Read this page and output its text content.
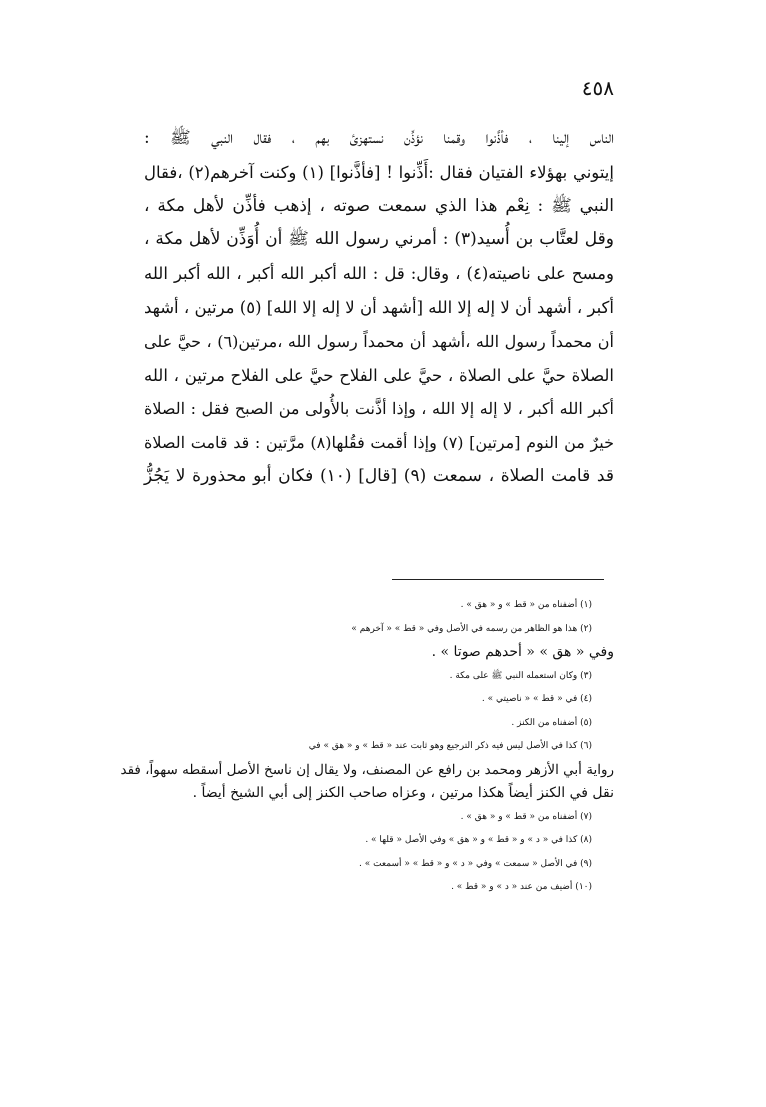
٤٥٨
الناس إلينا ، فأذَّنوا وقمنا نؤذِّن نستهزئ بهم ، فقال النبي ﷺ :
إيتوني بهؤلاء الفتيان فقال :أَذِّنوا ! [فأذَّنوا] (١) وكنت آخرهم(٢) ،فقال
النبي ﷺ : نِعْم هذا الذي سمعت صوته ، إذهب فأذِّن لأهل مكة ،
وقل لعتَّاب بن أُسيد(٣) : أمرني رسول الله ﷺ أن أُوَذِّن لأهل مكة ،
ومسح على ناصيته(٤) ، وقال: قل : الله أكبر الله أكبر ، الله أكبر الله
أكبر ، أشهد أن لا إله إلا الله [أشهد أن لا إله إلا الله] (٥) مرتين ، أشهد
أن محمداً رسول الله ،أشهد أن محمداً رسول الله ،مرتين(٦) ، حيَّ على
الصلاة حيَّ على الصلاة ، حيَّ على الفلاح حيَّ على الفلاح مرتين ، الله
أكبر الله أكبر ، لا إله إلا الله ، وإذا أذَّنت بالأُولى من الصبح فقل : الصلاة
خيرٌ من النوم [مرتين] (٧) وإذا أقمت فقُلها(٨) مرَّتين : قد قامت الصلاة
قد قامت الصلاة ، سمعت (٩) [قال] (١٠) فكان أبو محذورة لا يَجُزُّ
(١) أضفناه من « قط » و « هق » .
(٢) هذا هو الظاهر من رسمه في الأصل وفي « قط » « آخرهم »
وفي « هق » « أحدهم صوتا » .
(٣) وكان استعمله النبي ﷺ على مكة .
(٤) في « قط » « ناصيتي » .
(٥) أضفناه من الكنز .
(٦) كذا في الأصل ليس فيه ذكر الترجيع وهو ثابت عند « قط » و « هق » في
رواية أبي الأزهر ومحمد بن رافع عن المصنف، ولا يقال إن ناسخ الأصل أسقطه سهواً، فقد
نقل في الكنز أيضاً هكذا مرتين ، وعزاه صاحب الكنز إلى أبي الشيخ أيضاً .
(٧) أضفناه من « قط » و « هق » .
(٨) كذا في « د » و « قط » و « هق » وفي الأصل « قلها » .
(٩) في الأصل « سمعت » وفي « د » و « قط » « أسمعت » .
(١٠) أضيف من عند « د » و « قط » .
